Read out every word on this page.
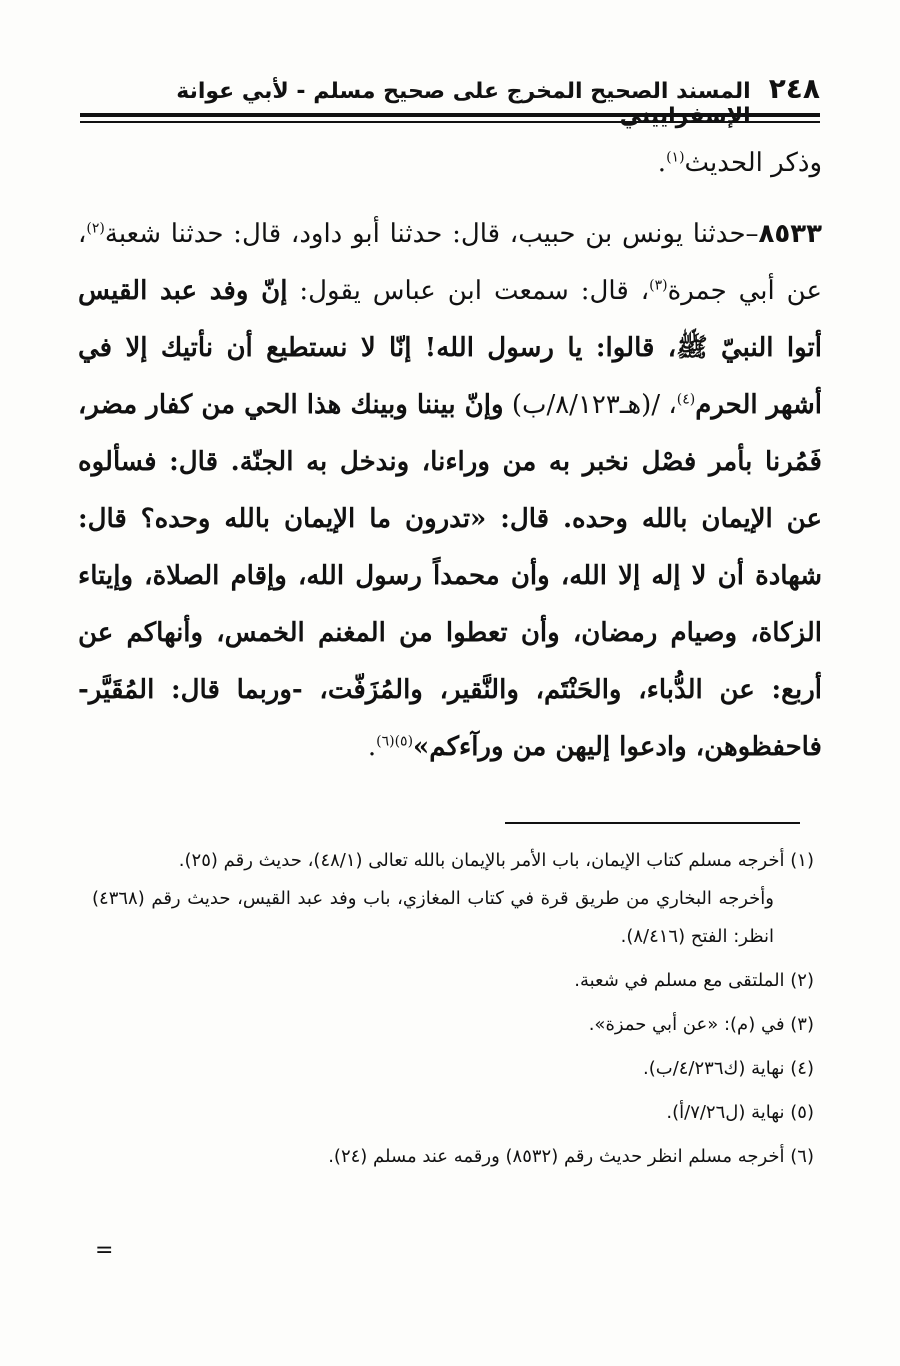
٢٤٨
المسند الصحيح المخرج على صحيح مسلم - لأبي عوانة

وذكر الحديث$^{(١)}$.

٨٥٣٣–حدثنا يونس بن حبيب، قال: حدثنا أبو داود، قال: حدثنا شعبة$^{(٢)}$، عن أبي جمرة$^{(٣)}$، قال: سمعت ابن عباس يقول: إنّ وفد عبد القيس أتوا النبيّ ﷺ، قالوا: يا رسول الله! إنّا لا نستطيع أن نأتيك إلا في أشهر الحرم$^{(٤)}$، /(هـ٨/١٢٣/ب) وإنّ بيننا وبينك هذا الحي من كفار مضر، فَمُرنا بأمر فصْل نخبر به من وراءنا، وندخل به الجنّة. قال: فسألوه عن الإيمان بالله وحده. قال: «تدرون ما الإيمان بالله وحده؟ قال: شهادة أن لا إله إلا الله، وأن محمداً رسول الله، وإقام الصلاة، وإيتاء الزكاة، وصيام رمضان، وأن تعطوا من المغنم الخمس، وأنهاكم عن أربع: عن الدُّباء، والحَنْتَم، والنَّقير، والمُزَفّت، -وربما قال: المُقَيَّر- فاحفظوهن، وادعوا إليهن من ورآءكم»$^{(٥)(٦)}$.

(١) أخرجه مسلم كتاب الإيمان، باب الأمر بالإيمان بالله تعالى (٤٨/١)، حديث رقم (٢٥).

وأخرجه البخاري من طريق قرة في كتاب المغازي، باب وفد عبد القيس، حديث رقم (٤٣٦٨) انظر: الفتح (٨/٤١٦).

(٢) الملتقى مع مسلم في شعبة.

(٣) في (م): «عن أبي حمزة».

(٤) نهاية (ك٤/٢٣٦/ب).

(٥) نهاية (ل٧/٢٦/أ).

(٦) أخرجه مسلم انظر حديث رقم (٨٥٣٢) ورقمه عند مسلم (٢٤).

=
